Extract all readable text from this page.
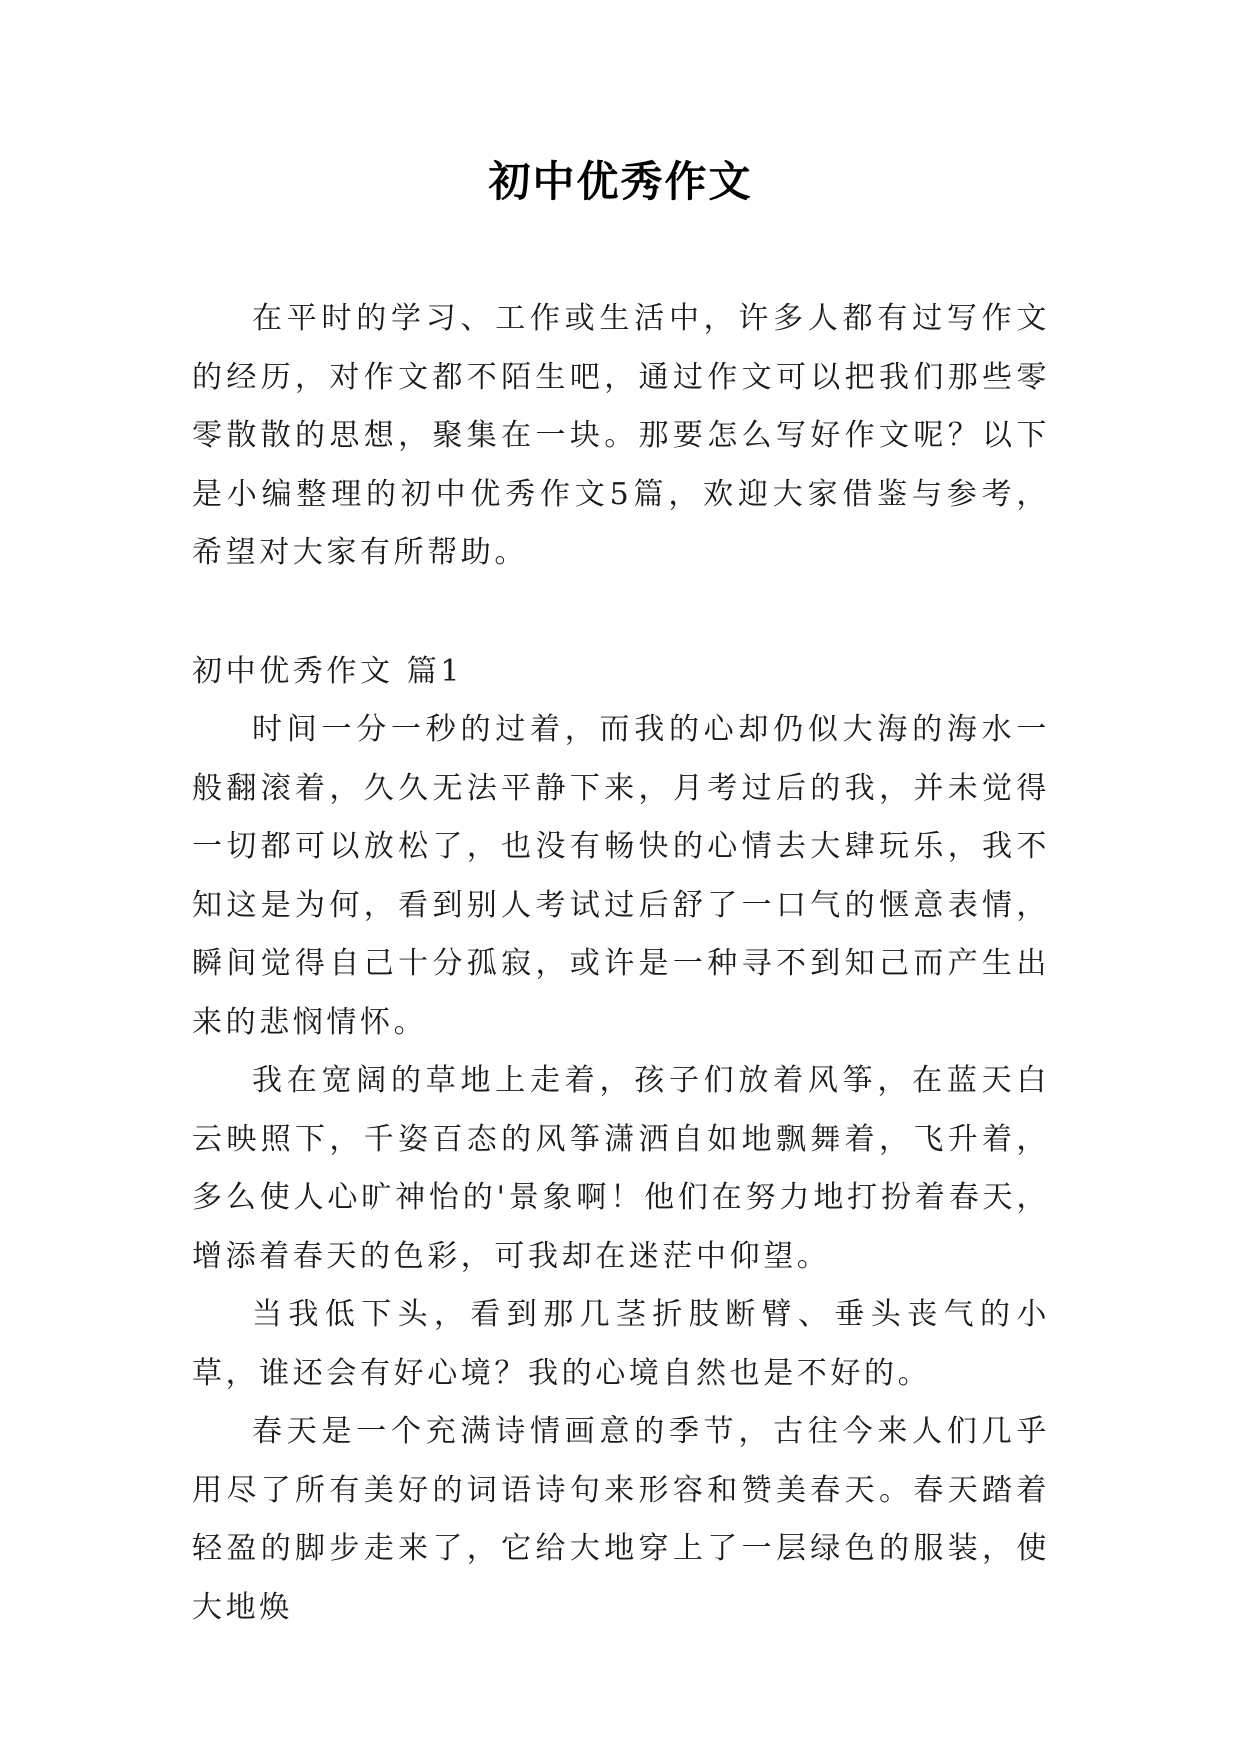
初中优秀作文

在平时的学习、工作或生活中，许多人都有过写作文的经历，对作文都不陌生吧，通过作文可以把我们那些零零散散的思想，聚集在一块。那要怎么写好作文呢？以下是小编整理的初中优秀作文5篇，欢迎大家借鉴与参考，希望对大家有所帮助。

初中优秀作文 篇1

时间一分一秒的过着，而我的心却仍似大海的海水一般翻滚着，久久无法平静下来，月考过后的我，并未觉得一切都可以放松了，也没有畅快的心情去大肆玩乐，我不知这是为何，看到别人考试过后舒了一口气的惬意表情，瞬间觉得自己十分孤寂，或许是一种寻不到知己而产生出来的悲悯情怀。

我在宽阔的草地上走着，孩子们放着风筝，在蓝天白云映照下，千姿百态的风筝潇洒自如地飘舞着，飞升着，多么使人心旷神怡的'景象啊！他们在努力地打扮着春天，增添着春天的色彩，可我却在迷茫中仰望。

当我低下头，看到那几茎折肢断臂、垂头丧气的小草，谁还会有好心境？我的心境自然也是不好的。

春天是一个充满诗情画意的季节，古往今来人们几乎用尽了所有美好的词语诗句来形容和赞美春天。春天踏着轻盈的脚步走来了，它给大地穿上了一层绿色的服装，使大地焕
